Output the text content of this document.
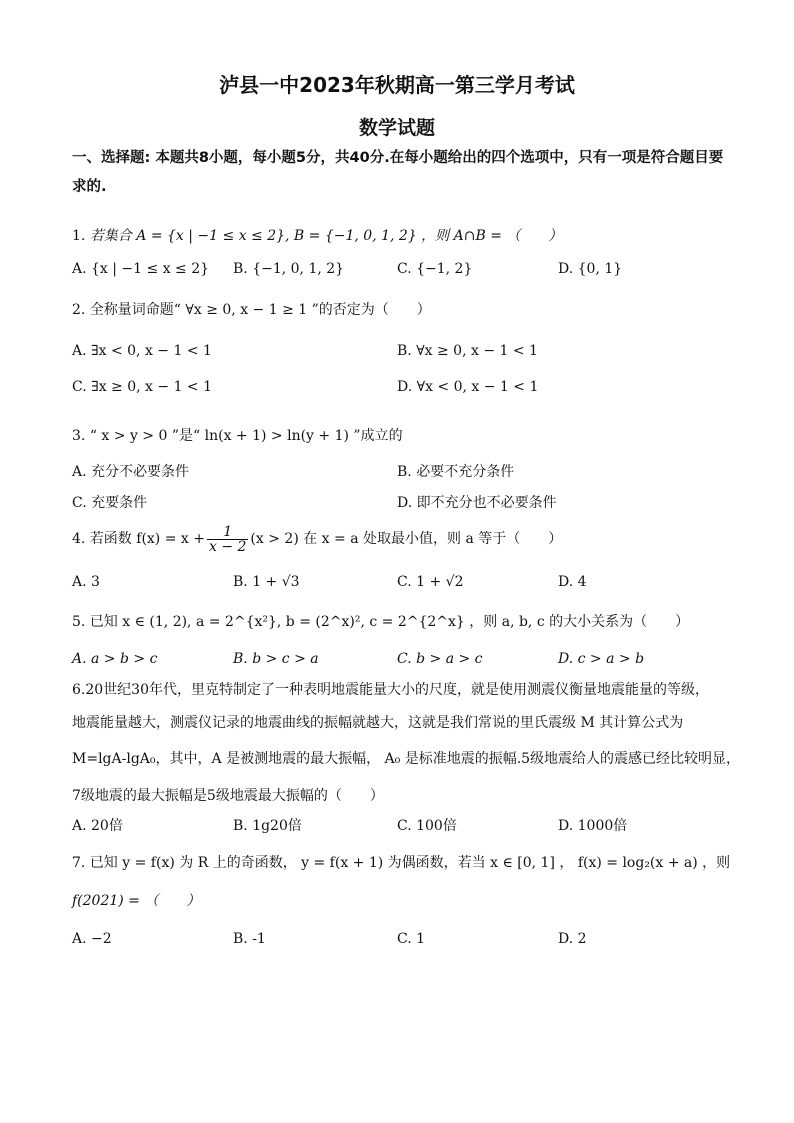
泸县一中2023年秋期高一第三学月考试
数学试题
一、选择题: 本题共8小题，每小题5分，共40分.在每小题给出的四个选项中，只有一项是符合题目要求的.
1. 若集合 A = {x | −1 ≤ x ≤ 2}, B = {−1, 0, 1, 2} ，则 A∩B = （　　）
A. {x | −1 ≤ x ≤ 2} B. {−1, 0, 1, 2}	C. {−1, 2}	D. {0, 1}
2. 全称量词命题“ ∀x ≥ 0, x − 1 ≥ 1 ”的否定为（　　）
A. ∃x < 0, x − 1 < 1	B. ∀x ≥ 0, x − 1 < 1
C. ∃x ≥ 0, x − 1 < 1	D. ∀x < 0, x − 1 < 1
3. “ x > y > 0 ”是“ ln(x + 1) > ln(y + 1) ”成立的
A. 充分不必要条件	B. 必要不充分条件
C. 充要条件	D. 即不充分也不必要条件
4. 若函数 $f(x) = x + \frac{1}{x - 2} (x > 2)$ 在 x = a 处取最小值，则 a 等于（　　）
A. 3	B. 1 + √3	C. 1 + √2	D. 4
5. 已知 x ∈ (1, 2), a = 2^{x²}, b = (2^x)², c = 2^{2^x} ，则 a, b, c 的大小关系为（　　）
A. a > b > c	B. b > c > a	C. b > a > c	D. c > a > b
6.20世纪30年代，里克特制定了一种表明地震能量大小的尺度，就是使用测震仪衡量地震能量的等级，
地震能量越大，测震仪记录的地震曲线的振幅就越大，这就是我们常说的里氏震级 M 其计算公式为
M=lgA-lgA₀，其中，A 是被测地震的最大振幅， A₀ 是标准地震的振幅.5级地震给人的震感已经比较明显，
7级地震的最大振幅是5级地震最大振幅的（　　）
A. 20倍	B. 1g20倍	C. 100倍	D. 1000倍
7. 已知 y = f(x) 为 R 上的奇函数， y = f(x + 1) 为偶函数，若当 x ∈ [0, 1] ， f(x) = log₂(x + a) ，则
f(2021) = （　　）
A. −2	B. -1	C. 1	D. 2
